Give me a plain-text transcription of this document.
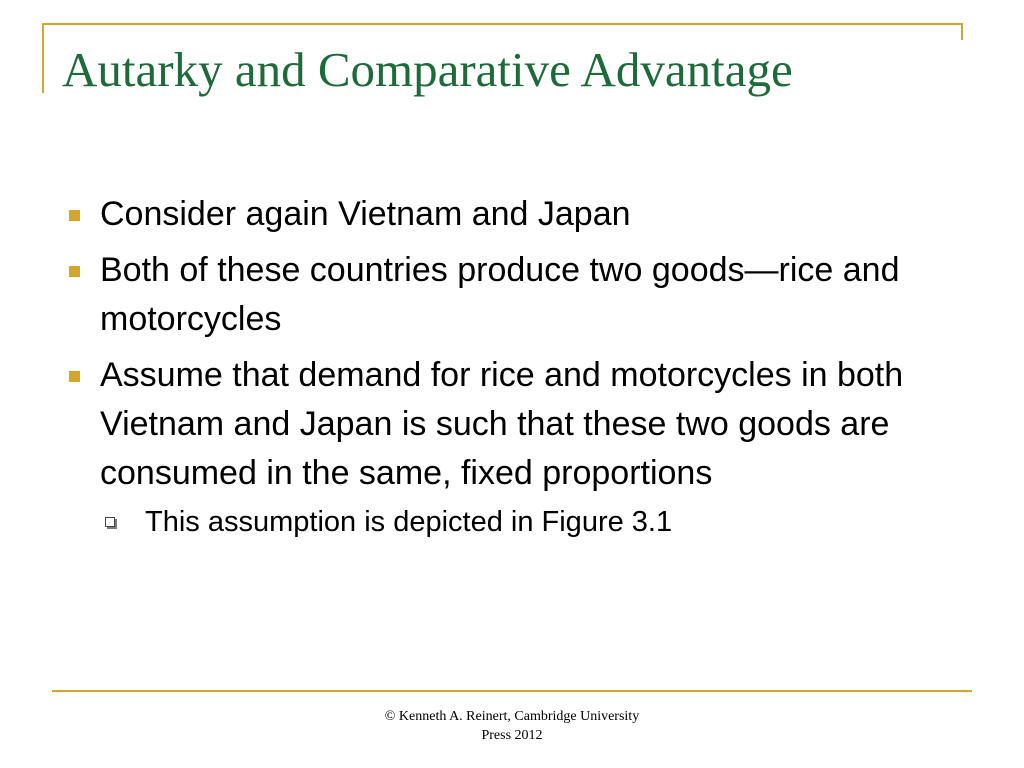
Autarky and Comparative Advantage
Consider again Vietnam and Japan
Both of these countries produce two goods—rice and motorcycles
Assume that demand for rice and motorcycles in both Vietnam and Japan is such that these two goods are consumed in the same, fixed proportions
This assumption is depicted in Figure 3.1
© Kenneth A. Reinert, Cambridge University
Press 2012
